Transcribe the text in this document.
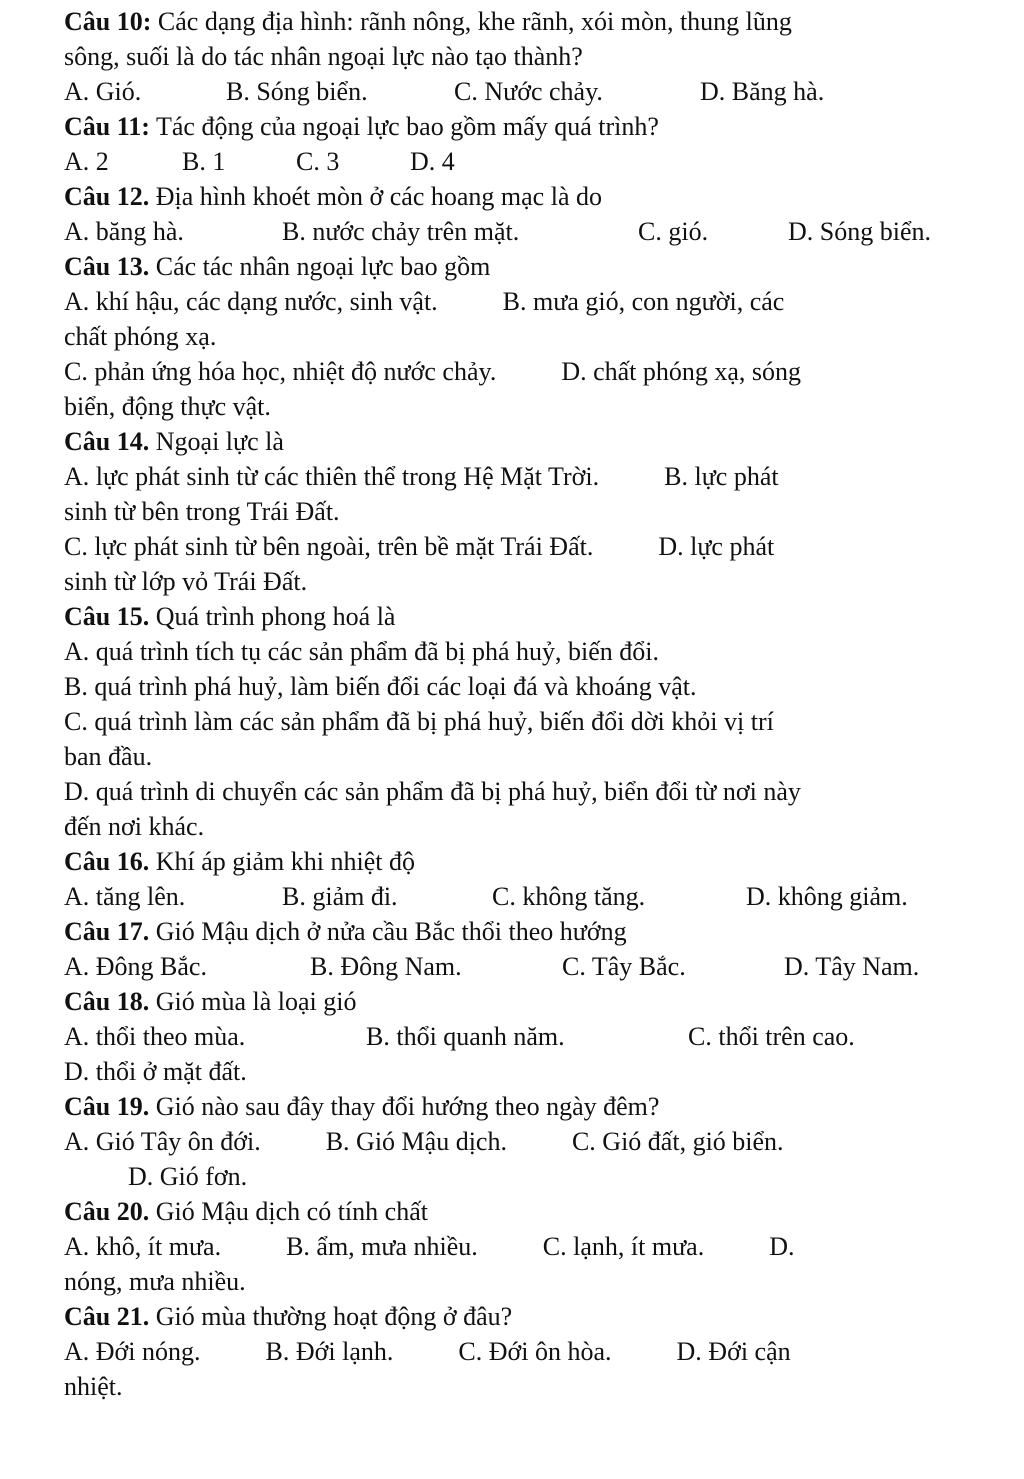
Câu 10: Các dạng địa hình: rãnh nông, khe rãnh, xói mòn, thung lũng
sông, suối là do tác nhân ngoại lực nào tạo thành?
A. Gió.	B. Sóng biển.	C. Nước chảy.	D. Băng hà.
Câu 11: Tác động của ngoại lực bao gồm mấy quá trình?
A. 2	B. 1	C. 3	D. 4
Câu 12. Địa hình khoét mòn ở các hoang mạc là do
A. băng hà.	B. nước chảy trên mặt.	C. gió.	D. Sóng biển.
Câu 13. Các tác nhân ngoại lực bao gồm
A. khí hậu, các dạng nước, sinh vật.          B. mưa gió, con người, các
chất phóng xạ.
C. phản ứng hóa học, nhiệt độ nước chảy.          D. chất phóng xạ, sóng
biển, động thực vật.
Câu 14. Ngoại lực là
A. lực phát sinh từ các thiên thể trong Hệ Mặt Trời.          B. lực phát
sinh từ bên trong Trái Đất.
C. lực phát sinh từ bên ngoài, trên bề mặt Trái Đất.          D. lực phát
sinh từ lớp vỏ Trái Đất.
Câu 15. Quá trình phong hoá là
A. quá trình tích tụ các sản phẩm đã bị phá huỷ, biến đổi.
B. quá trình phá huỷ, làm biến đổi các loại đá và khoáng vật.
C. quá trình làm các sản phẩm đã bị phá huỷ, biến đổi dời khỏi vị trí
ban đầu.
D. quá trình di chuyển các sản phẩm đã bị phá huỷ, biển đổi từ nơi này
đến nơi khác.
Câu 16. Khí áp giảm khi nhiệt độ
A. tăng lên.	B. giảm đi.	C. không tăng.	D. không giảm.
Câu 17. Gió Mậu dịch ở nửa cầu Bắc thổi theo hướng
A. Đông Bắc.	B. Đông Nam.	C. Tây Bắc.	D. Tây Nam.
Câu 18. Gió mùa là loại gió
A. thổi theo mùa.	B. thổi quanh năm.	C. thổi trên cao.
D. thổi ở mặt đất.
Câu 19. Gió nào sau đây thay đổi hướng theo ngày đêm?
A. Gió Tây ôn đới.          B. Gió Mậu dịch.          C. Gió đất, gió biển.
D. Gió fơn.
Câu 20. Gió Mậu dịch có tính chất
A. khô, ít mưa.          B. ẩm, mưa nhiều.          C. lạnh, ít mưa.          D.
nóng, mưa nhiều.
Câu 21. Gió mùa thường hoạt động ở đâu?
A. Đới nóng.          B. Đới lạnh.          C. Đới ôn hòa.          D. Đới cận
nhiệt.
